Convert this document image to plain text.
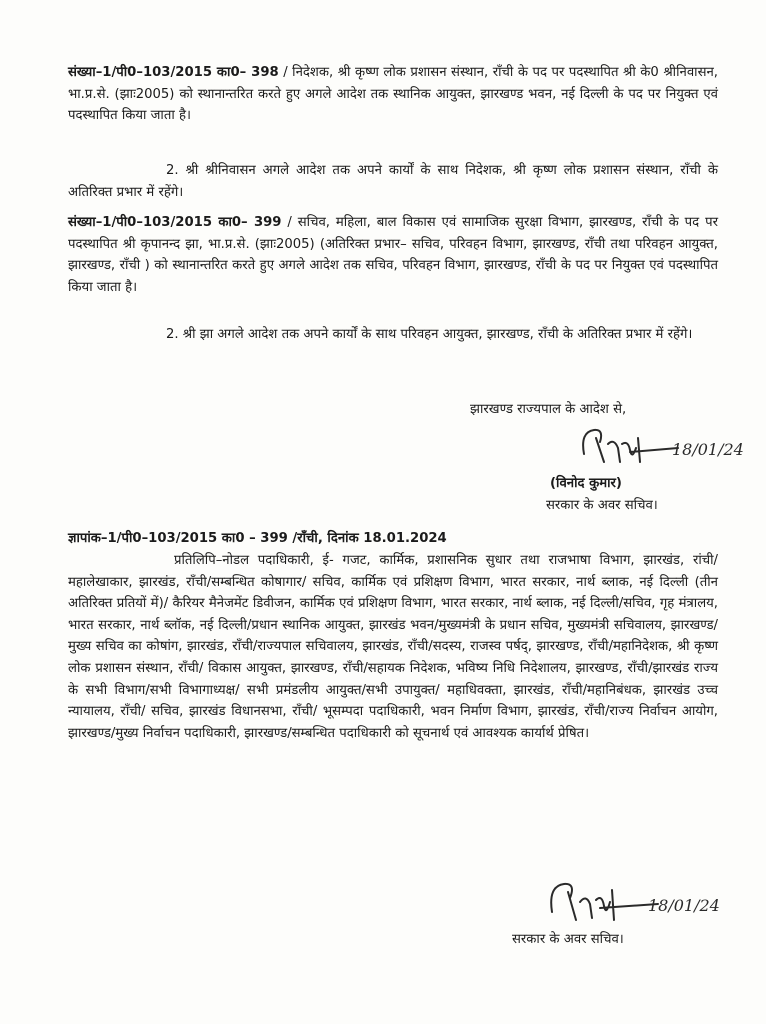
संख्या–1/पी0–103/2015 का0– 398 / निदेशक, श्री कृष्ण लोक प्रशासन संस्थान, राँची के पद पर पदस्थापित श्री के0 श्रीनिवासन, भा.प्र.से. (झाः2005) को स्थानान्तरित करते हुए अगले आदेश तक स्थानिक आयुक्त, झारखण्ड भवन, नई दिल्ली के पद पर नियुक्त एवं पदस्थापित किया जाता है।
2. श्री श्रीनिवासन अगले आदेश तक अपने कार्यों के साथ निदेशक, श्री कृष्ण लोक प्रशासन संस्थान, राँची के अतिरिक्त प्रभार में रहेंगे।
संख्या–1/पी0–103/2015 का0– 399 / सचिव, महिला, बाल विकास एवं सामाजिक सुरक्षा विभाग, झारखण्ड, राँची के पद पर पदस्थापित श्री कृपानन्द झा, भा.प्र.से. (झाः2005) (अतिरिक्त प्रभार– सचिव, परिवहन विभाग, झारखण्ड, राँची तथा परिवहन आयुक्त, झारखण्ड, राँची ) को स्थानान्तरित करते हुए अगले आदेश तक सचिव, परिवहन विभाग, झारखण्ड, राँची के पद पर नियुक्त एवं पदस्थापित किया जाता है।
2. श्री झा अगले आदेश तक अपने कार्यों के साथ परिवहन आयुक्त, झारखण्ड, राँची के अतिरिक्त प्रभार में रहेंगे।
झारखण्ड राज्यपाल के आदेश से,
18/01/24
(विनोद कुमार)
सरकार के अवर सचिव।
ज्ञापांक–1/पी0–103/2015 का0 – 399 /राँची, दिनांक 18.01.2024
प्रतिलिपि–नोडल पदाधिकारी, ई- गजट, कार्मिक, प्रशासनिक सुधार तथा राजभाषा विभाग, झारखंड, रांची/महालेखाकार, झारखंड, राँची/सम्बन्धित कोषागार/ सचिव, कार्मिक एवं प्रशिक्षण विभाग, भारत सरकार, नार्थ ब्लाक, नई दिल्ली (तीन अतिरिक्त प्रतियों में)/ कैरियर मैनेजमेंट डिवीजन, कार्मिक एवं प्रशिक्षण विभाग, भारत सरकार, नार्थ ब्लाक, नई दिल्ली/सचिव, गृह मंत्रालय, भारत सरकार, नार्थ ब्लॉक, नई दिल्ली/प्रधान स्थानिक आयुक्त, झारखंड भवन/मुख्यमंत्री के प्रधान सचिव, मुख्यमंत्री सचिवालय, झारखण्ड/मुख्य सचिव का कोषांग, झारखंड, राँची/राज्यपाल सचिवालय, झारखंड, राँची/सदस्य, राजस्व पर्षद्, झारखण्ड, राँची/महानिदेशक, श्री कृष्ण लोक प्रशासन संस्थान, राँची/ विकास आयुक्त, झारखण्ड, राँची/सहायक निदेशक, भविष्य निधि निदेशालय, झारखण्ड, राँची/झारखंड राज्य के सभी विभाग/सभी विभागाध्यक्ष/ सभी प्रमंडलीय आयुक्त/सभी उपायुक्त/ महाधिवक्ता, झारखंड, राँची/महानिबंधक, झारखंड उच्च न्यायालय, राँची/ सचिव, झारखंड विधानसभा, राँची/ भूसम्पदा पदाधिकारी, भवन निर्माण विभाग, झारखंड, राँची/राज्य निर्वाचन आयोग, झारखण्ड/मुख्य निर्वाचन पदाधिकारी, झारखण्ड/सम्बन्धित पदाधिकारी को सूचनार्थ एवं आवश्यक कार्यार्थ प्रेषित।
18/01/24
सरकार के अवर सचिव।
